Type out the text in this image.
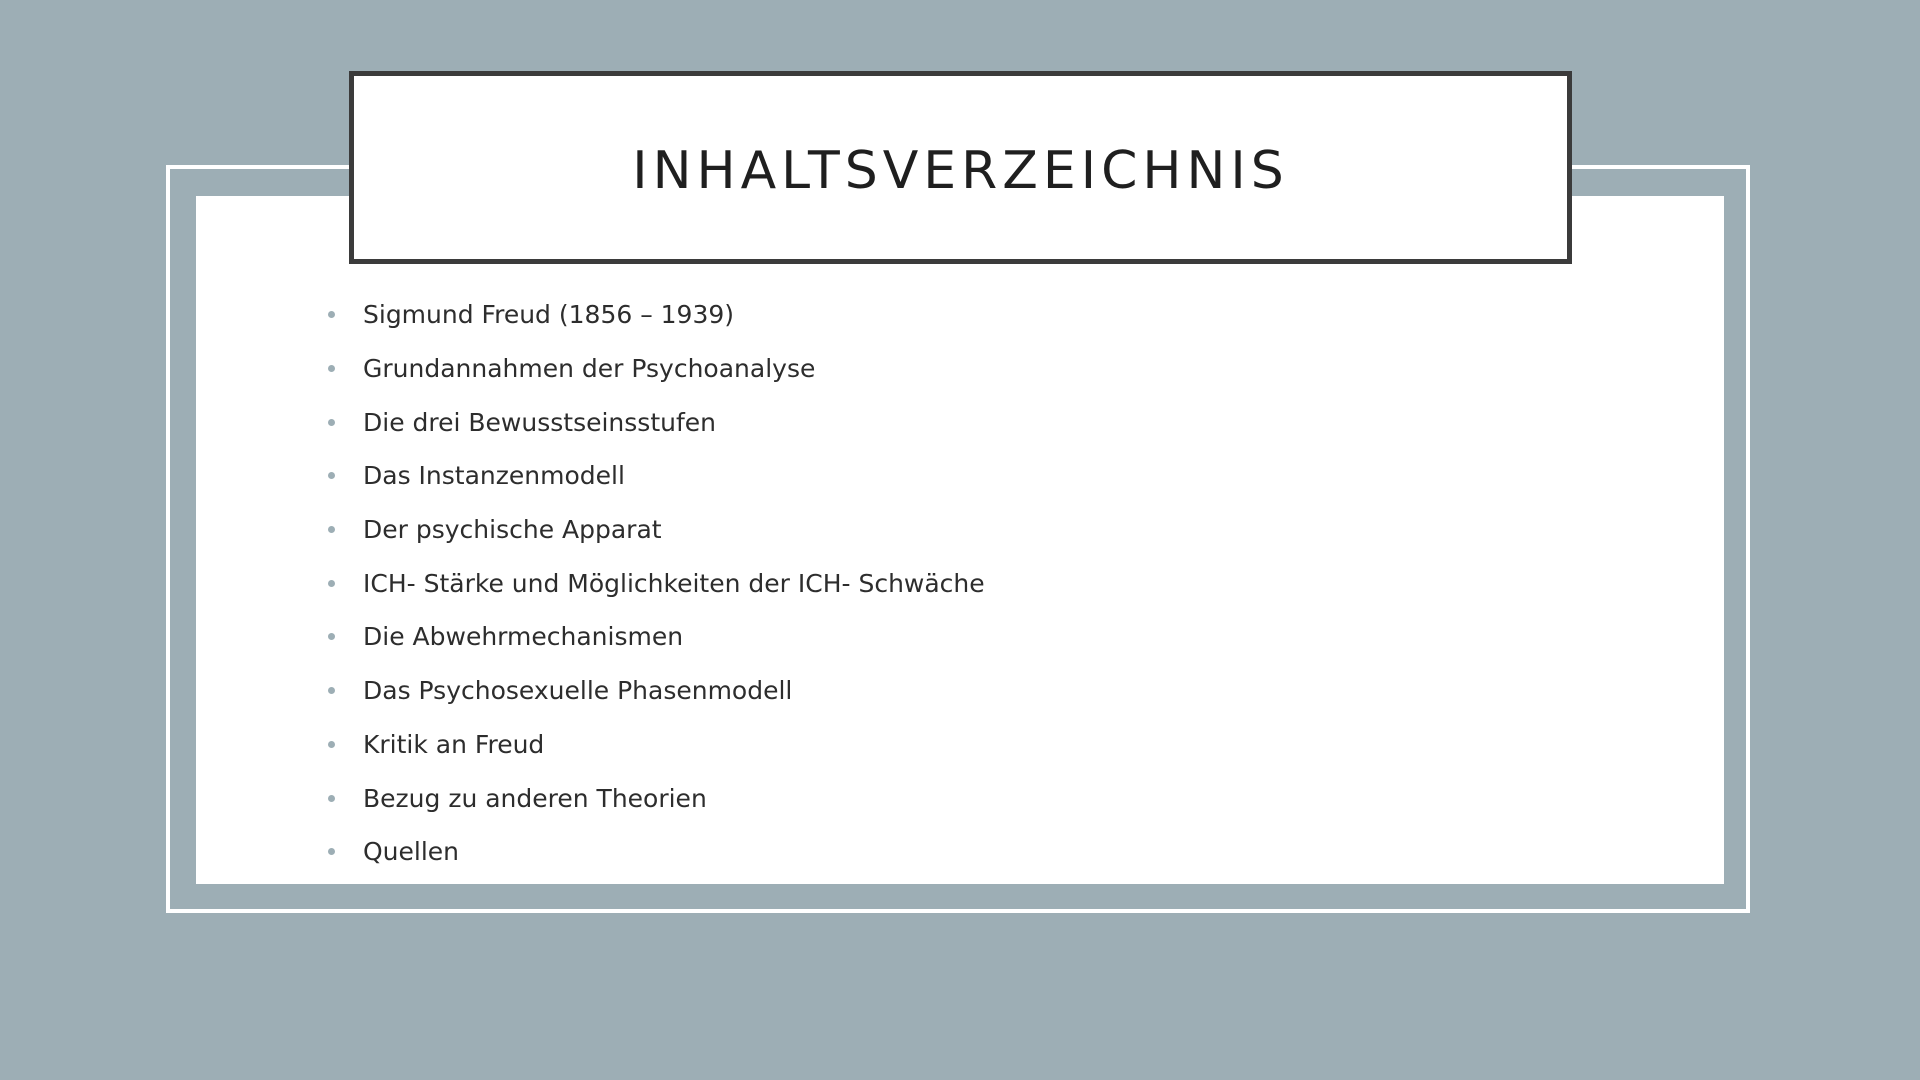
INHALTSVERZEICHNIS
Sigmund Freud (1856 – 1939)
Grundannahmen der Psychoanalyse
Die drei Bewusstseinsstufen
Das Instanzenmodell
Der psychische Apparat
ICH- Stärke und Möglichkeiten der ICH- Schwäche
Die Abwehrmechanismen
Das Psychosexuelle Phasenmodell
Kritik an Freud
Bezug zu anderen Theorien
Quellen
